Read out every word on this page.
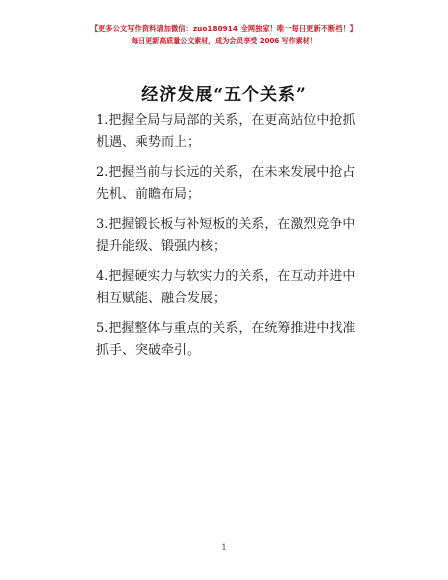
【更多公文写作资料请加微信：zuo180914 全网独家！唯一每日更新不断档！】
每日更新高质量公文素材，成为会员享受 2006 写作素材！
经济发展“五个关系”
1.把握全局与局部的关系，在更高站位中抢抓机遇、乘势而上；
2.把握当前与长远的关系，在未来发展中抢占先机、前瞻布局；
3.把握锻长板与补短板的关系，在激烈竞争中提升能级、锻强内核；
4.把握硬实力与软实力的关系，在互动并进中相互赋能、融合发展；
5.把握整体与重点的关系，在统筹推进中找准抓手、突破牵引。
1
